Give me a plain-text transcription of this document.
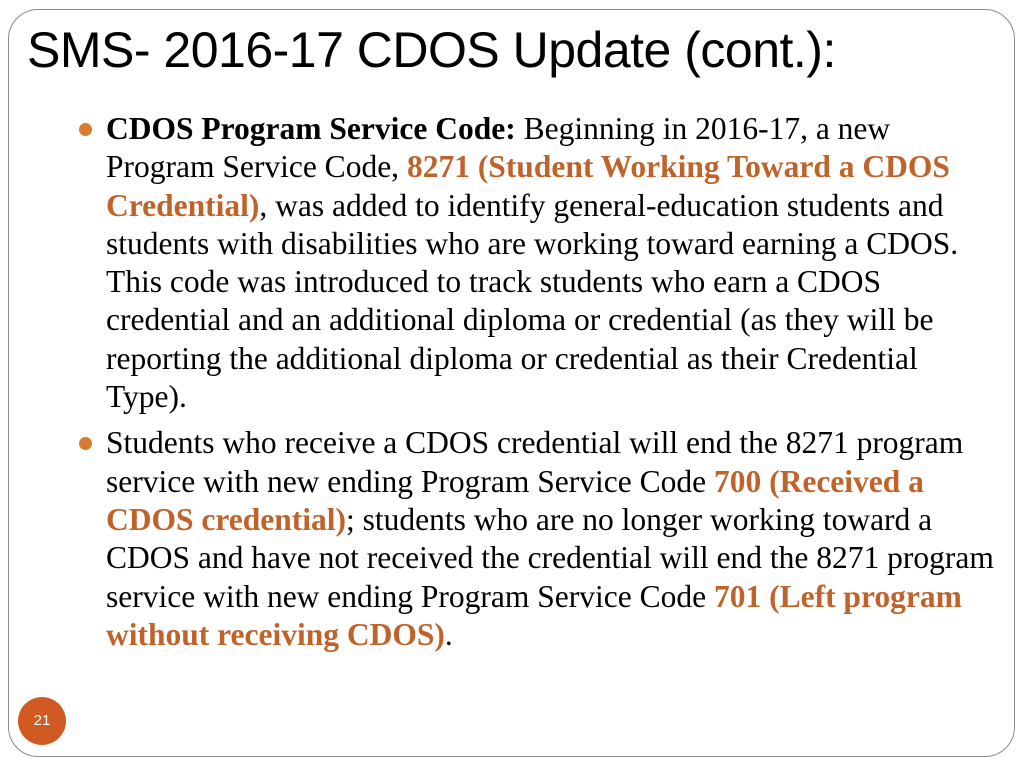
SMS- 2016-17 CDOS Update (cont.):

CDOS Program Service Code: Beginning in 2016-17, a new Program Service Code, 8271 (Student Working Toward a CDOS Credential), was added to identify general-education students and students with disabilities who are working toward earning a CDOS. This code was introduced to track students who earn a CDOS credential and an additional diploma or credential (as they will be reporting the additional diploma or credential as their Credential Type).

Students who receive a CDOS credential will end the 8271 program service with new ending Program Service Code 700 (Received a CDOS credential); students who are no longer working toward a CDOS and have not received the credential will end the 8271 program service with new ending Program Service Code 701 (Left program without receiving CDOS).

21
